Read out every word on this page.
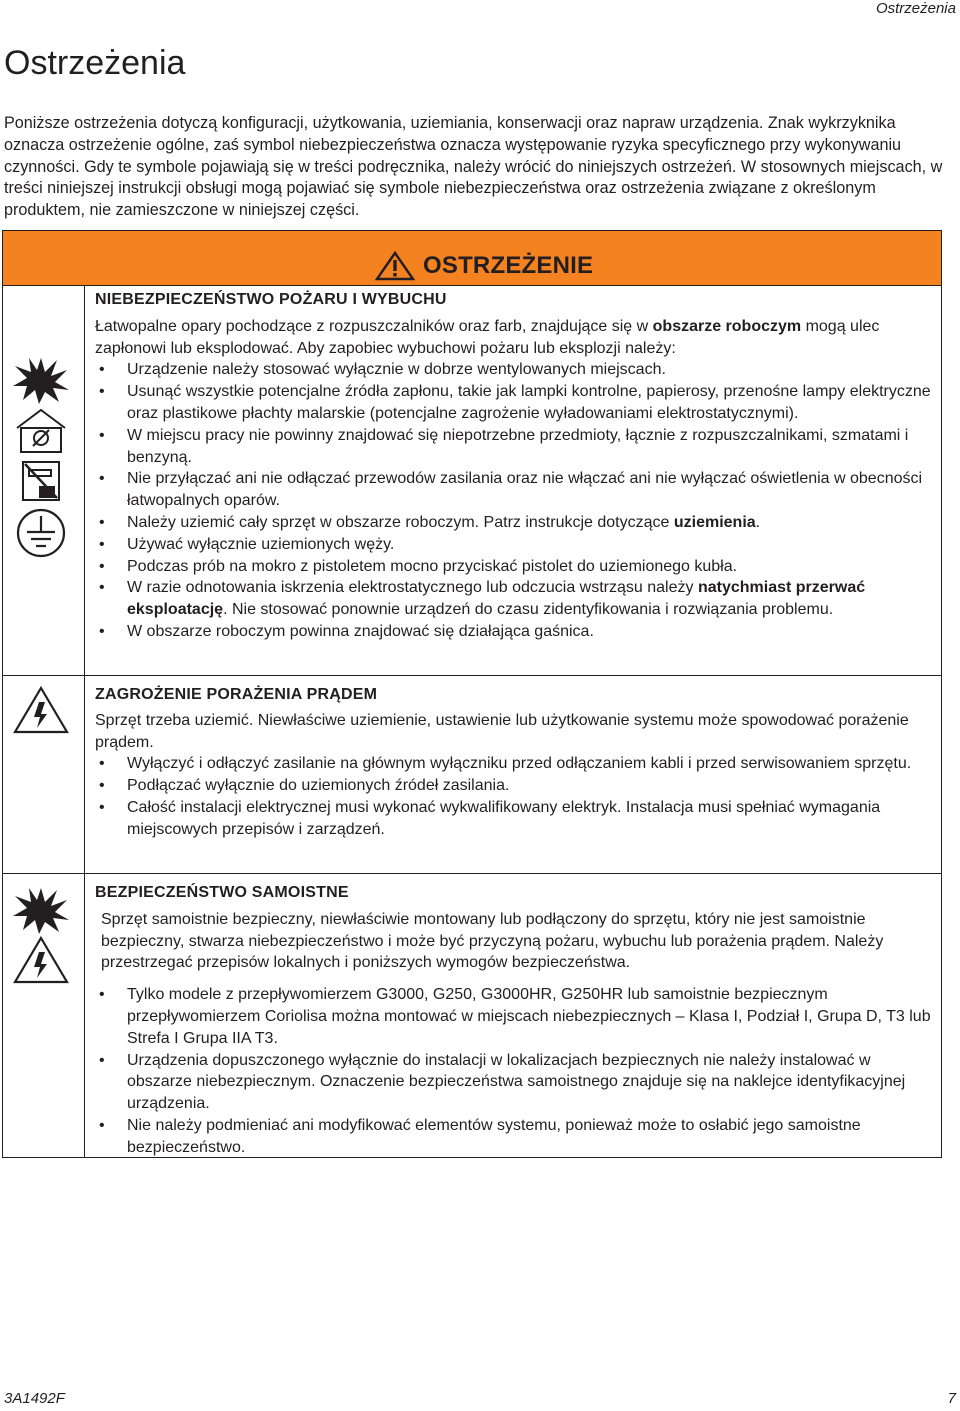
Ostrzeżenia
Ostrzeżenia

Poniższe ostrzeżenia dotyczą konfiguracji, użytkowania, uziemiania, konserwacji oraz napraw urządzenia. Znak wykrzyknika oznacza ostrzeżenie ogólne, zaś symbol niebezpieczeństwa oznacza występowanie ryzyka specyficznego przy wykonywaniu czynności. Gdy te symbole pojawiają się w treści podręcznika, należy wrócić do niniejszych ostrzeżeń. W stosownych miejscach, w treści niniejszej instrukcji obsługi mogą pojawiać się symbole niebezpieczeństwa oraz ostrzeżenia związane z określonym produktem, nie zamieszczone w niniejszej części.

OSTRZEŻENIE

NIEBEZPIECZEŃSTWO POŻARU I WYBUCHU

Łatwopalne opary pochodzące z rozpuszczalników oraz farb, znajdujące się w obszarze roboczym mogą ulec zapłonowi lub eksplodować. Aby zapobiec wybuchowi pożaru lub eksplozji należy:

• Urządzenie należy stosować wyłącznie w dobrze wentylowanych miejscach.
• Usunąć wszystkie potencjalne źródła zapłonu, takie jak lampki kontrolne, papierosy, przenośne lampy elektryczne oraz plastikowe płachty malarskie (potencjalne zagrożenie wyładowaniami elektrostatycznymi).
• W miejscu pracy nie powinny znajdować się niepotrzebne przedmioty, łącznie z rozpuszczalnikami, szmatami i benzyną.
• Nie przyłączać ani nie odłączać przewodów zasilania oraz nie włączać ani nie wyłączać oświetlenia w obecności łatwopalnych oparów.
• Należy uziemić cały sprzęt w obszarze roboczym. Patrz instrukcje dotyczące uziemienia.
• Używać wyłącznie uziemionych węży.
• Podczas prób na mokro z pistoletem mocno przyciskać pistolet do uziemionego kubła.
• W razie odnotowania iskrzenia elektrostatycznego lub odczucia wstrząsu należy natychmiast przerwać eksploatację. Nie stosować ponownie urządzeń do czasu zidentyfikowania i rozwiązania problemu.
• W obszarze roboczym powinna znajdować się działająca gaśnica.

ZAGROŻENIE PORAŻENIA PRĄDEM

Sprzęt trzeba uziemić. Niewłaściwe uziemienie, ustawienie lub użytkowanie systemu może spowodować porażenie prądem.

• Wyłączyć i odłączyć zasilanie na głównym wyłączniku przed odłączaniem kabli i przed serwisowaniem sprzętu.
• Podłączać wyłącznie do uziemionych źródeł zasilania.
• Całość instalacji elektrycznej musi wykonać wykwalifikowany elektryk. Instalacja musi spełniać wymagania miejscowych przepisów i zarządzeń.

BEZPIECZEŃSTWO SAMOISTNE

Sprzęt samoistnie bezpieczny, niewłaściwie montowany lub podłączony do sprzętu, który nie jest samoistnie bezpieczny, stwarza niebezpieczeństwo i może być przyczyną pożaru, wybuchu lub porażenia prądem. Należy przestrzegać przepisów lokalnych i poniższych wymogów bezpieczeństwa.

• Tylko modele z przepływomierzem G3000, G250, G3000HR, G250HR lub samoistnie bezpiecznym przepływomierzem Coriolisa można montować w miejscach niebezpiecznych – Klasa I, Podział I, Grupa D, T3 lub Strefa I Grupa IIA T3.
• Urządzenia dopuszczonego wyłącznie do instalacji w lokalizacjach bezpiecznych nie należy instalować w obszarze niebezpiecznym. Oznaczenie bezpieczeństwa samoistnego znajduje się na naklejce identyfikacyjnej urządzenia.
• Nie należy podmieniać ani modyfikować elementów systemu, ponieważ może to osłabić jego samoistne bezpieczeństwo.
3A1492F	7
